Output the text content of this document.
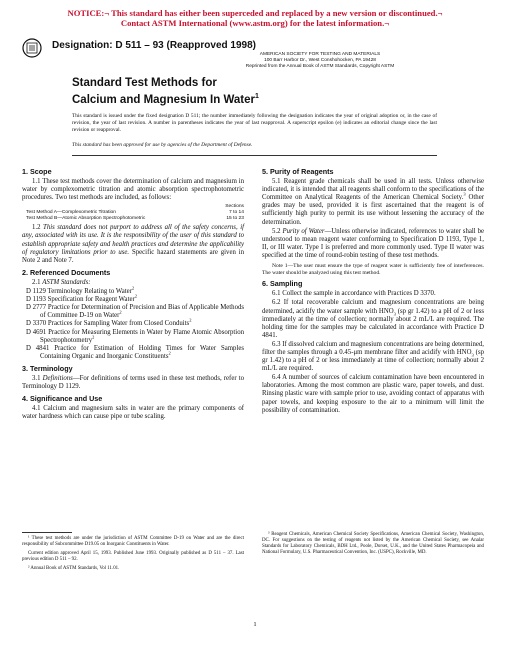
NOTICE:¬ This standard has either been superceded and replaced by a new version or discontinued.¬
Contact ASTM International (www.astm.org) for the latest information.¬
Designation: D 511 – 93 (Reapproved 1998)
AMERICAN SOCIETY FOR TESTING AND MATERIALS
100 Barr Harbor Dr., West Conshohocken, PA 19428
Reprinted from the Annual Book of ASTM Standards, Copyright ASTM
Standard Test Methods for
Calcium and Magnesium In Water$^1$
This standard is issued under the fixed designation D 511; the number immediately following the designation indicates the year of original adoption or, in the case of revision, the year of last revision. A number in parentheses indicates the year of last reapproval. A superscript epsilon (e) indicates an editorial change since the last revision or reapproval.
This standard has been approved for use by agencies of the Department of Defense.
1. Scope

1.1 These test methods cover the determination of calcium and magnesium in water by complexometric titration and atomic absorption spectrophotometric procedures. Two test methods are included, as follows:

Sections
Test Method A—Complexometric Titration	7 to 14
Test Method B—Atomic Absorption Spectrophotometric	15 to 23

1.2 This standard does not purport to address all of the safety concerns, if any, associated with its use. It is the responsibility of the user of this standard to establish appropriate safety and health practices and determine the applicability of regulatory limitations prior to use. Specific hazard statements are given in Note 2 and Note 7.

2. Referenced Documents

2.1 ASTM Standards:

D 1129 Terminology Relating to Water$^2$

D 1193 Specification for Reagent Water$^2$

D 2777 Practice for Determination of Precision and Bias of Applicable Methods of Committee D-19 on Water$^2$

D 3370 Practices for Sampling Water from Closed Conduits$^2$

D 4691 Practice for Measuring Elements in Water by Flame Atomic Absorption Spectrophotometry$^2$

D 4841 Practice for Estimation of Holding Times for Water Samples Containing Organic and Inorganic Constituents$^2$

3. Terminology

3.1 Definitions—For definitions of terms used in these test methods, refer to Terminology D 1129.

4. Significance and Use

4.1 Calcium and magnesium salts in water are the primary components of water hardness which can cause pipe or tube scaling.

5. Purity of Reagents

5.1 Reagent grade chemicals shall be used in all tests. Unless otherwise indicated, it is intended that all reagents shall conform to the specifications of the Committee on Analytical Reagents of the American Chemical Society.$^3$ Other grades may be used, provided it is first ascertained that the reagent is of sufficiently high purity to permit its use without lessening the accuracy of the determination.

5.2 Purity of Water—Unless otherwise indicated, references to water shall be understood to mean reagent water conforming to Specification D 1193, Type 1, II, or III water. Type I is preferred and more commonly used. Type II water was specified at the time of round-robin testing of these test methods.

Note 1—The user must ensure the type of reagent water is sufficiently free of interferences. The water should be analyzed using this test method.

6. Sampling

6.1 Collect the sample in accordance with Practices D 3370.

6.2 If total recoverable calcium and magnesium concentrations are being determined, acidify the water sample with $HNO_3$ (sp gr 1.42) to a pH of 2 or less immediately at the time of collection; normally about 2 mL/L are required. The holding time for the samples may be calculated in accordance with Practice D 4841.

6.3 If dissolved calcium and magnesium concentrations are being determined, filter the samples through a 0.45-μm membrane filter and acidify with $HNO_3$ (sp gr 1.42) to a pH of 2 or less immediately at time of collection; normally about 2 mL/L are required.

6.4 A number of sources of calcium contamination have been encountered in laboratories. Among the most common are plastic ware, paper towels, and dust. Rinsing plastic ware with sample prior to use, avoiding contact of apparatus with paper towels, and keeping exposure to the air to a minimum will limit the possibility of contamination.

¹ These test methods are under the jurisdiction of ASTM Committee D-19 on Water and are the direct responsibility of Subcommittee D19.05 on Inorganic Constituents in Water.

Current edition approved April 15, 1993. Published June 1993. Originally published as D 511 – 37. Last previous edition D 511 – 92.

² Annual Book of ASTM Standards, Vol 11.01.

³ Reagent Chemicals, American Chemical Society Specifications, American Chemical Society, Washington, DC. For suggestions on the testing of reagents not listed by the American Chemical Society, see Analar Standards for Laboratory Chemicals, BDH Ltd., Poole, Dorset, U.K., and the United States Pharmacopeia and National Formulary, U.S. Pharmaceutical Convention, Inc. (USPC), Rockville, MD.

1
